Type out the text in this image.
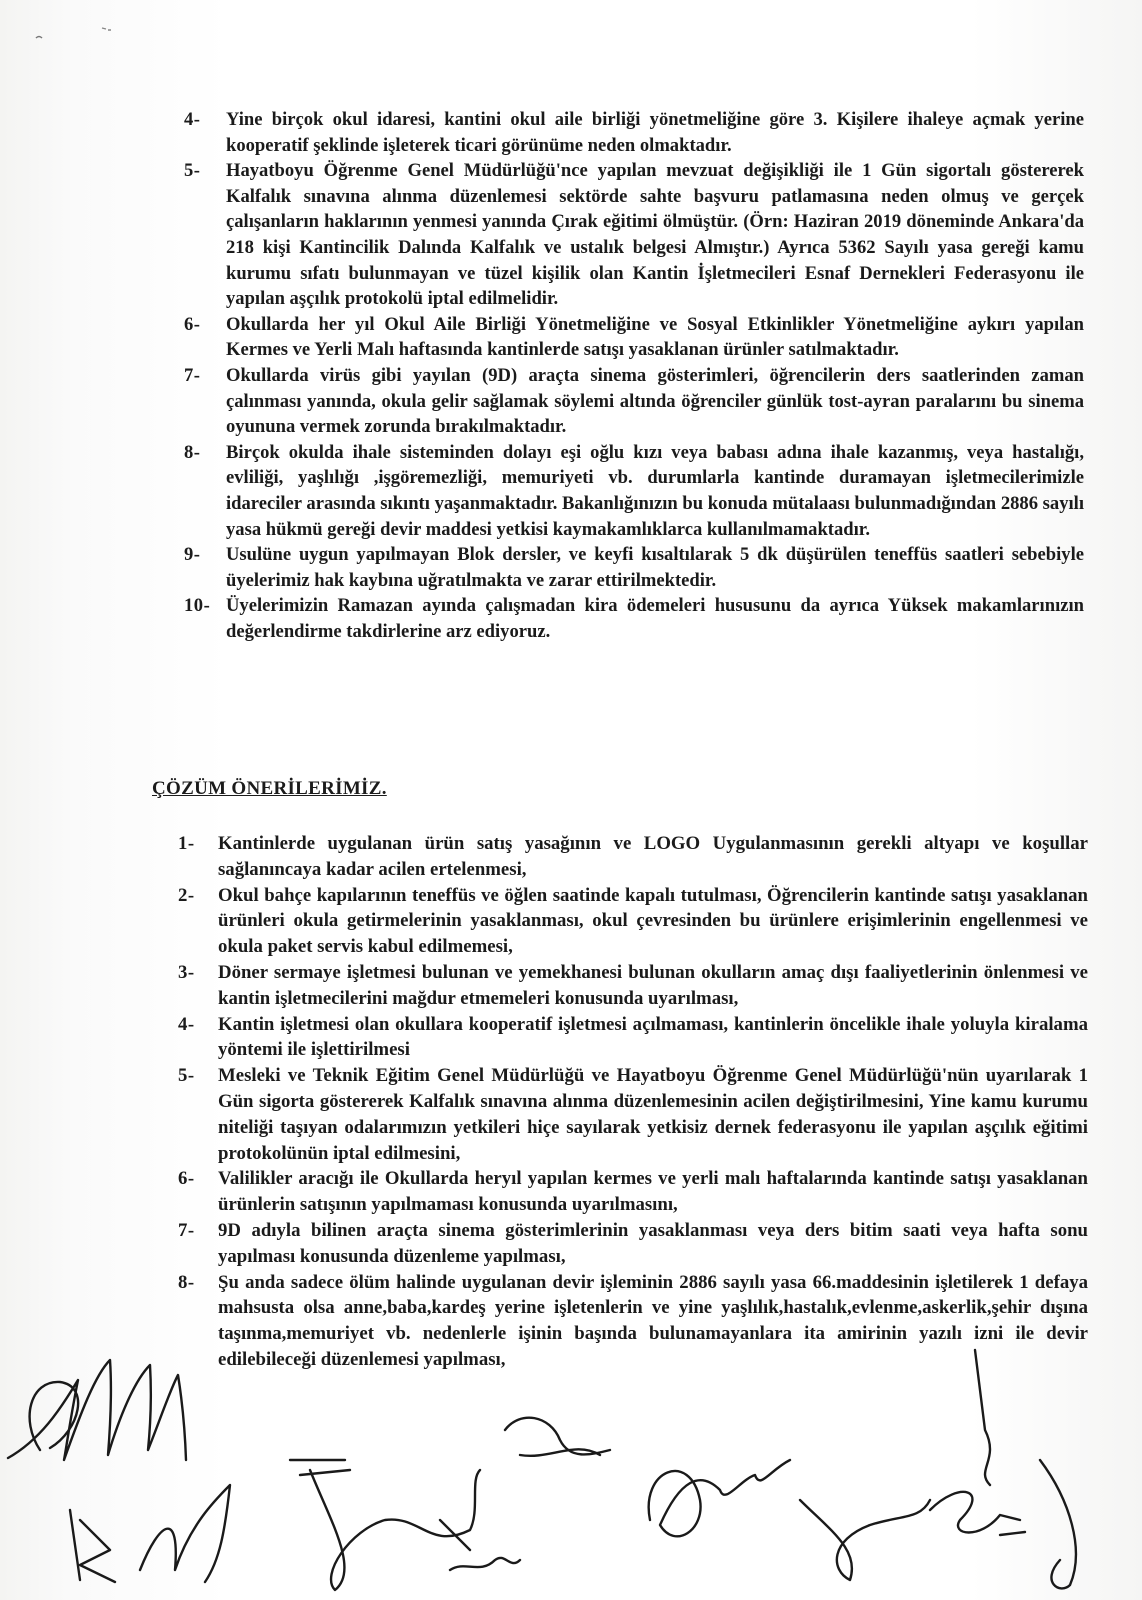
4- Yine birçok okul idaresi, kantini okul aile birliği yönetmeliğine göre 3. Kişilere ihaleye açmak yerine kooperatif şeklinde işleterek ticari görünüme neden olmaktadır.
5- Hayatboyu Öğrenme Genel Müdürlüğü'nce yapılan mevzuat değişikliği ile 1 Gün sigortalı göstererek Kalfalık sınavına alınma düzenlemesi sektörde sahte başvuru patlamasına neden olmuş ve gerçek çalışanların haklarının yenmesi yanında Çırak eğitimi ölmüştür. (Örn: Haziran 2019 döneminde Ankara'da 218 kişi Kantincilik Dalında Kalfalık ve ustalık belgesi Almıştır.) Ayrıca 5362 Sayılı yasa gereği kamu kurumu sıfatı bulunmayan ve tüzel kişilik olan Kantin İşletmecileri Esnaf Dernekleri Federasyonu ile yapılan aşçılık protokolü iptal edilmelidir.
6- Okullarda her yıl Okul Aile Birliği Yönetmeliğine ve Sosyal Etkinlikler Yönetmeliğine aykırı yapılan Kermes ve Yerli Malı haftasında kantinlerde satışı yasaklanan ürünler satılmaktadır.
7- Okullarda virüs gibi yayılan (9D) araçta sinema gösterimleri, öğrencilerin ders saatlerinden zaman çalınması yanında, okula gelir sağlamak söylemi altında öğrenciler günlük tost-ayran paralarını bu sinema oyununa vermek zorunda bırakılmaktadır.
8- Birçok okulda ihale sisteminden dolayı eşi oğlu kızı veya babası adına ihale kazanmış, veya hastalığı, evliliği, yaşlılığı ,işgöremezliği, memuriyeti vb. durumlarla kantinde duramayan işletmecilerimizle idareciler arasında sıkıntı yaşanmaktadır. Bakanlığınızın bu konuda mütalaası bulunmadığından 2886 sayılı yasa hükmü gereği devir maddesi yetkisi kaymakamlıklarca kullanılmamaktadır.
9- Usulüne uygun yapılmayan Blok dersler, ve keyfi kısaltılarak 5 dk düşürülen teneffüs saatleri sebebiyle üyelerimiz hak kaybına uğratılmakta ve zarar ettirilmektedir.
10- Üyelerimizin Ramazan ayında çalışmadan kira ödemeleri hususunu da ayrıca Yüksek makamlarınızın değerlendirme takdirlerine arz ediyoruz.
ÇÖZÜM ÖNERİLERİMİZ.
1- Kantinlerde uygulanan ürün satış yasağının ve LOGO Uygulanmasının gerekli altyapı ve koşullar sağlanıncaya kadar acilen ertelenmesi,
2- Okul bahçe kapılarının teneffüs ve öğlen saatinde kapalı tutulması, Öğrencilerin kantinde satışı yasaklanan ürünleri okula getirmelerinin yasaklanması, okul çevresinden bu ürünlere erişimlerinin engellenmesi ve okula paket servis kabul edilmemesi,
3- Döner sermaye işletmesi bulunan ve yemekhanesi bulunan okulların amaç dışı faaliyetlerinin önlenmesi ve kantin işletmecilerini mağdur etmemeleri konusunda uyarılması,
4- Kantin işletmesi olan okullara kooperatif işletmesi açılmaması, kantinlerin öncelikle ihale yoluyla kiralama yöntemi ile işlettirilmesi
5- Mesleki ve Teknik Eğitim Genel Müdürlüğü ve Hayatboyu Öğrenme Genel Müdürlüğü'nün uyarılarak 1 Gün sigorta göstererek Kalfalık sınavına alınma düzenlemesinin acilen değiştirilmesini, Yine kamu kurumu niteliği taşıyan odalarımızın yetkileri hiçe sayılarak yetkisiz dernek federasyonu ile yapılan aşçılık eğitimi protokolünün iptal edilmesini,
6- Valilikler aracığı ile Okullarda heryıl yapılan kermes ve yerli malı haftalarında kantinde satışı yasaklanan ürünlerin satışının yapılmaması konusunda uyarılmasını,
7- 9D adıyla bilinen araçta sinema gösterimlerinin yasaklanması veya ders bitim saati veya hafta sonu yapılması konusunda düzenleme yapılması,
8- Şu anda sadece ölüm halinde uygulanan devir işleminin 2886 sayılı yasa 66.maddesinin işletilerek 1 defaya mahsusta olsa anne,baba,kardeş yerine işletenlerin ve yine yaşlılık,hastalık,evlenme,askerlik,şehir dışına taşınma,memuriyet vb. nedenlerle işinin başında bulunamayanlara ita amirinin yazılı izni ile devir edilebileceği düzenlemesi yapılması,
